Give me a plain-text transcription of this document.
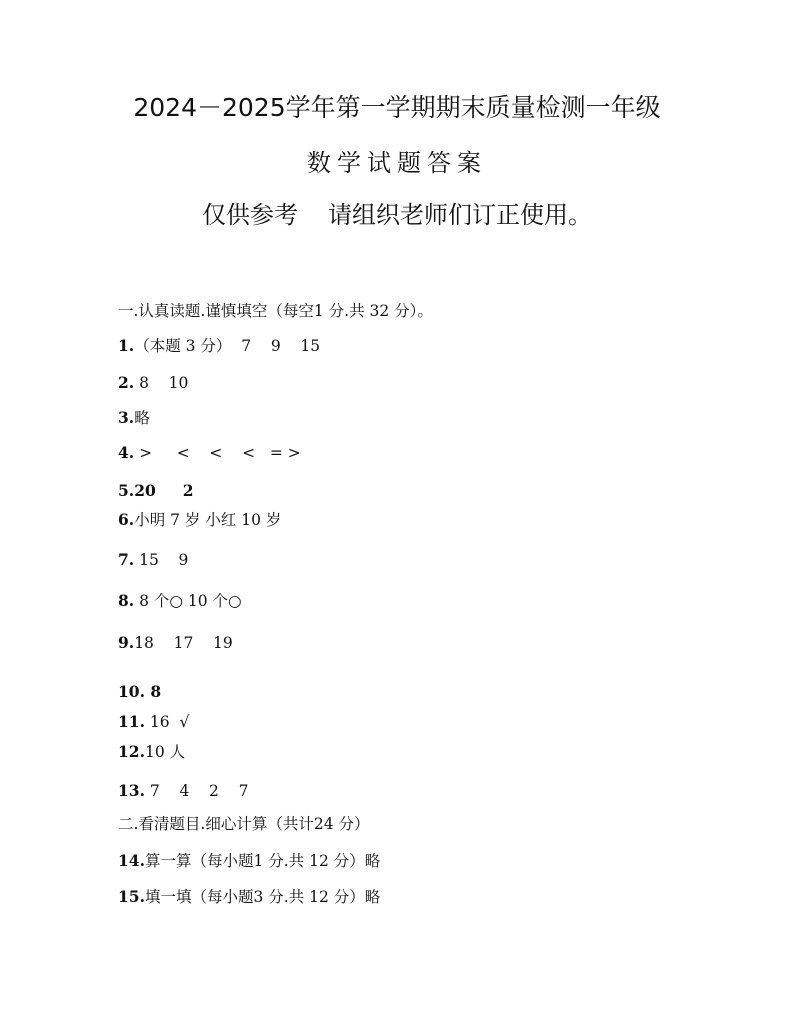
2024－2025学年第一学期期末质量检测一年级
数学试题答案
仅供参考 请组织老师们订正使用。
一.认真读题.谨慎填空（每空1 分.共 32 分）。
1.（本题 3 分）  7    9    15
2. 8    10
3.略
4. >     <    <    <   = >
5.20     2
6.小明 7 岁 小红 10 岁
7. 15    9
8. 8 个○ 10 个○
9.18    17    19
10. 8
11. 16  √
12.10 人
13. 7    4    2    7
二.看清题目.细心计算（共计24 分）
14.算一算（每小题1 分.共 12 分）略
15.填一填（每小题3 分.共 12 分）略
